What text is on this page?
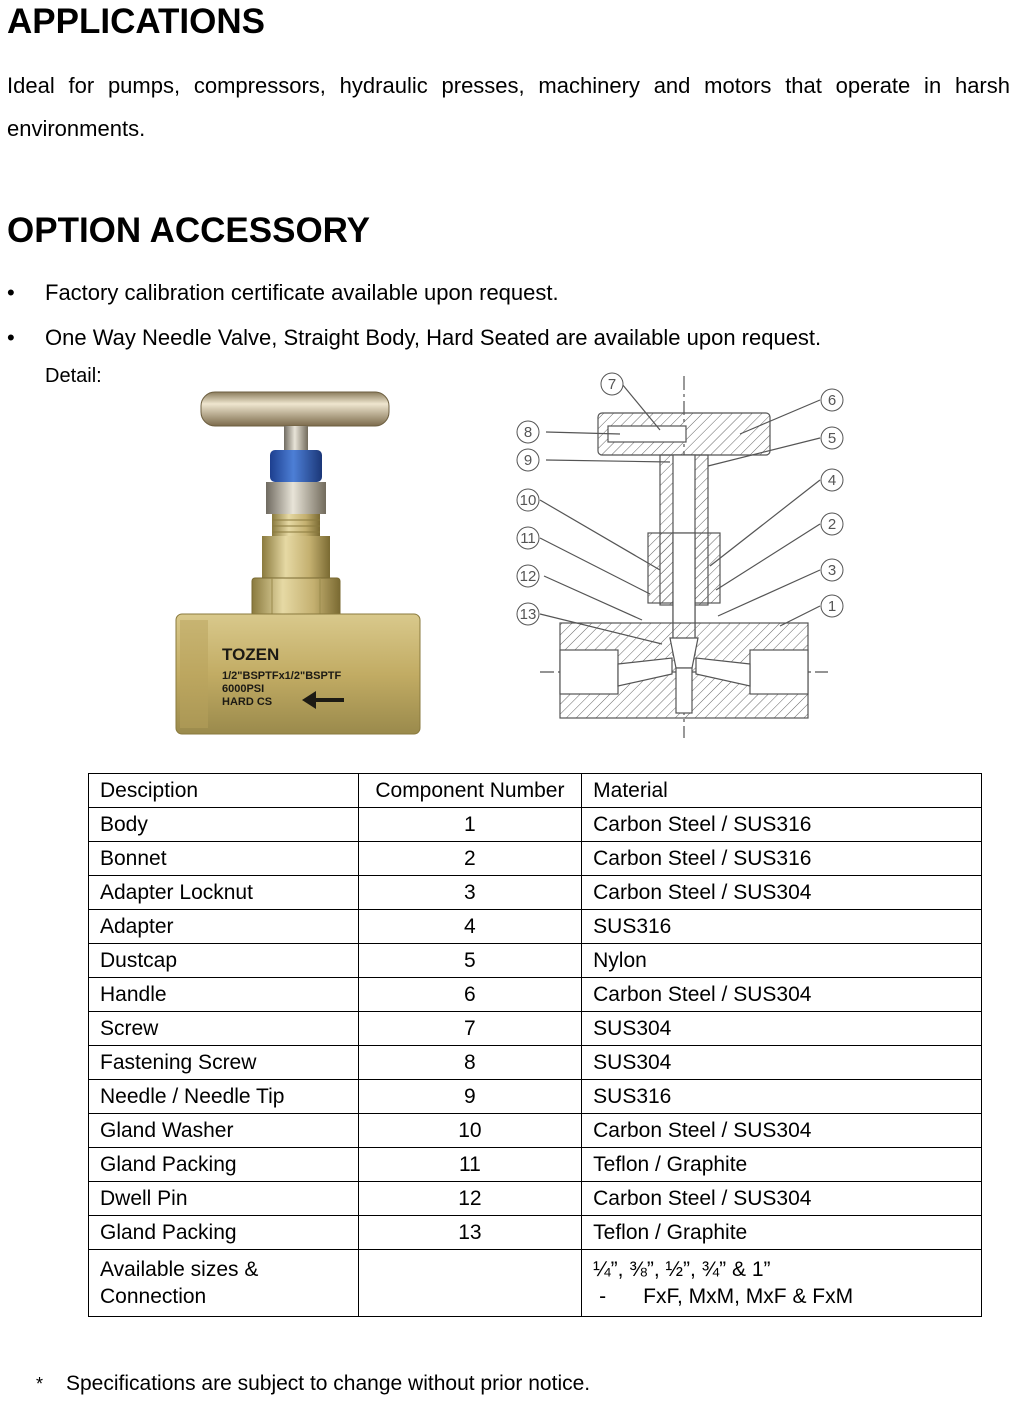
APPLICATIONS

Ideal for pumps, compressors, hydraulic presses, machinery and motors that operate in harsh environments.

OPTION ACCESSORY
• Factory calibration certificate available upon request.
• One Way Needle Valve, Straight Body, Hard Seated are available upon request.
Detail:
TOZEN
1/2"BSPTFx1/2"BSPTF
6000PSI
HARD CS
7
8
9
10
11
12
13
6
5
4
2
3
1
Desciption	Component Number	Material
Body	1	Carbon Steel / SUS316
Bonnet	2	Carbon Steel / SUS316
Adapter Locknut	3	Carbon Steel / SUS304
Adapter	4	SUS316
Dustcap	5	Nylon
Handle	6	Carbon Steel / SUS304
Screw	7	SUS304
Fastening Screw	8	SUS304
Needle / Needle Tip	9	SUS316
Gland Washer	10	Carbon Steel / SUS304
Gland Packing	11	Teflon / Graphite
Dwell Pin	12	Carbon Steel / SUS304
Gland Packing	13	Teflon / Graphite

Available sizes &
Connection		¼”, ⅜”, ½”, ¾” & 1”
- FxF, MxM, MxF & FxM
* Specifications are subject to change without prior notice.
